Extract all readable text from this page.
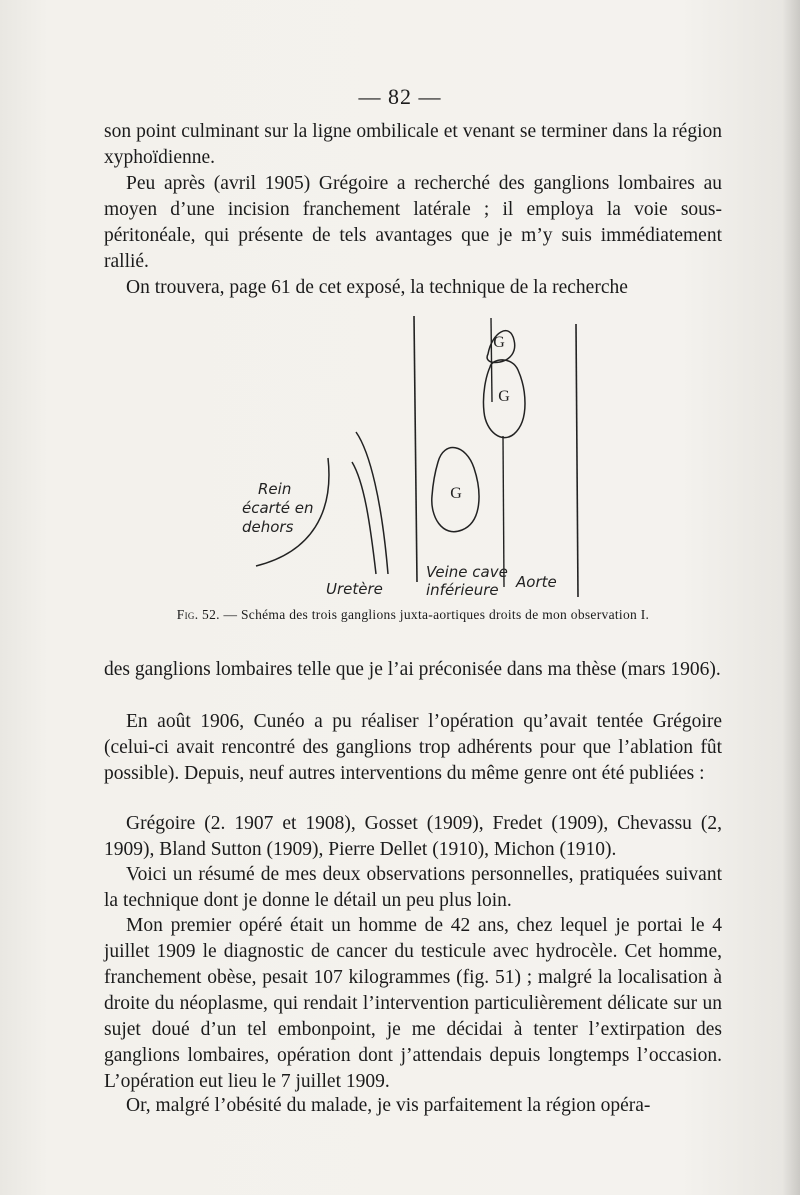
— 82 —

son point culminant sur la ligne ombilicale et venant se terminer dans la région xyphoïdienne.

Peu après (avril 1905) Grégoire a recherché des ganglions lombaires au moyen d’une incision franchement latérale ; il employa la voie sous-péritonéale, qui présente de tels avantages que je m’y suis immédiatement rallié.

On trouvera, page 61 de cet exposé, la technique de la recherche

G
G
G
Rein
écarté en
dehors
Uretère
Veine cave
inférieure Aorte
Fig. 52. — Schéma des trois ganglions juxta-aortiques droits de mon observation I.

des ganglions lombaires telle que je l’ai préconisée dans ma thèse (mars 1906).

En août 1906, Cunéo a pu réaliser l’opération qu’avait tentée Grégoire (celui-ci avait rencontré des ganglions trop adhérents pour que l’ablation fût possible). Depuis, neuf autres interventions du même genre ont été publiées :

Grégoire (2. 1907 et 1908), Gosset (1909), Fredet (1909), Chevassu (2, 1909), Bland Sutton (1909), Pierre Dellet (1910), Michon (1910).

Voici un résumé de mes deux observations personnelles, pratiquées suivant la technique dont je donne le détail un peu plus loin.

Mon premier opéré était un homme de 42 ans, chez lequel je portai le 4 juillet 1909 le diagnostic de cancer du testicule avec hydrocèle. Cet homme, franchement obèse, pesait 107 kilogrammes (fig. 51) ; malgré la localisation à droite du néoplasme, qui rendait l’intervention particulièrement délicate sur un sujet doué d’un tel embonpoint, je me décidai à tenter l’extirpation des ganglions lombaires, opération dont j’attendais depuis longtemps l’occasion. L’opération eut lieu le 7 juillet 1909.

Or, malgré l’obésité du malade, je vis parfaitement la région opéra-
